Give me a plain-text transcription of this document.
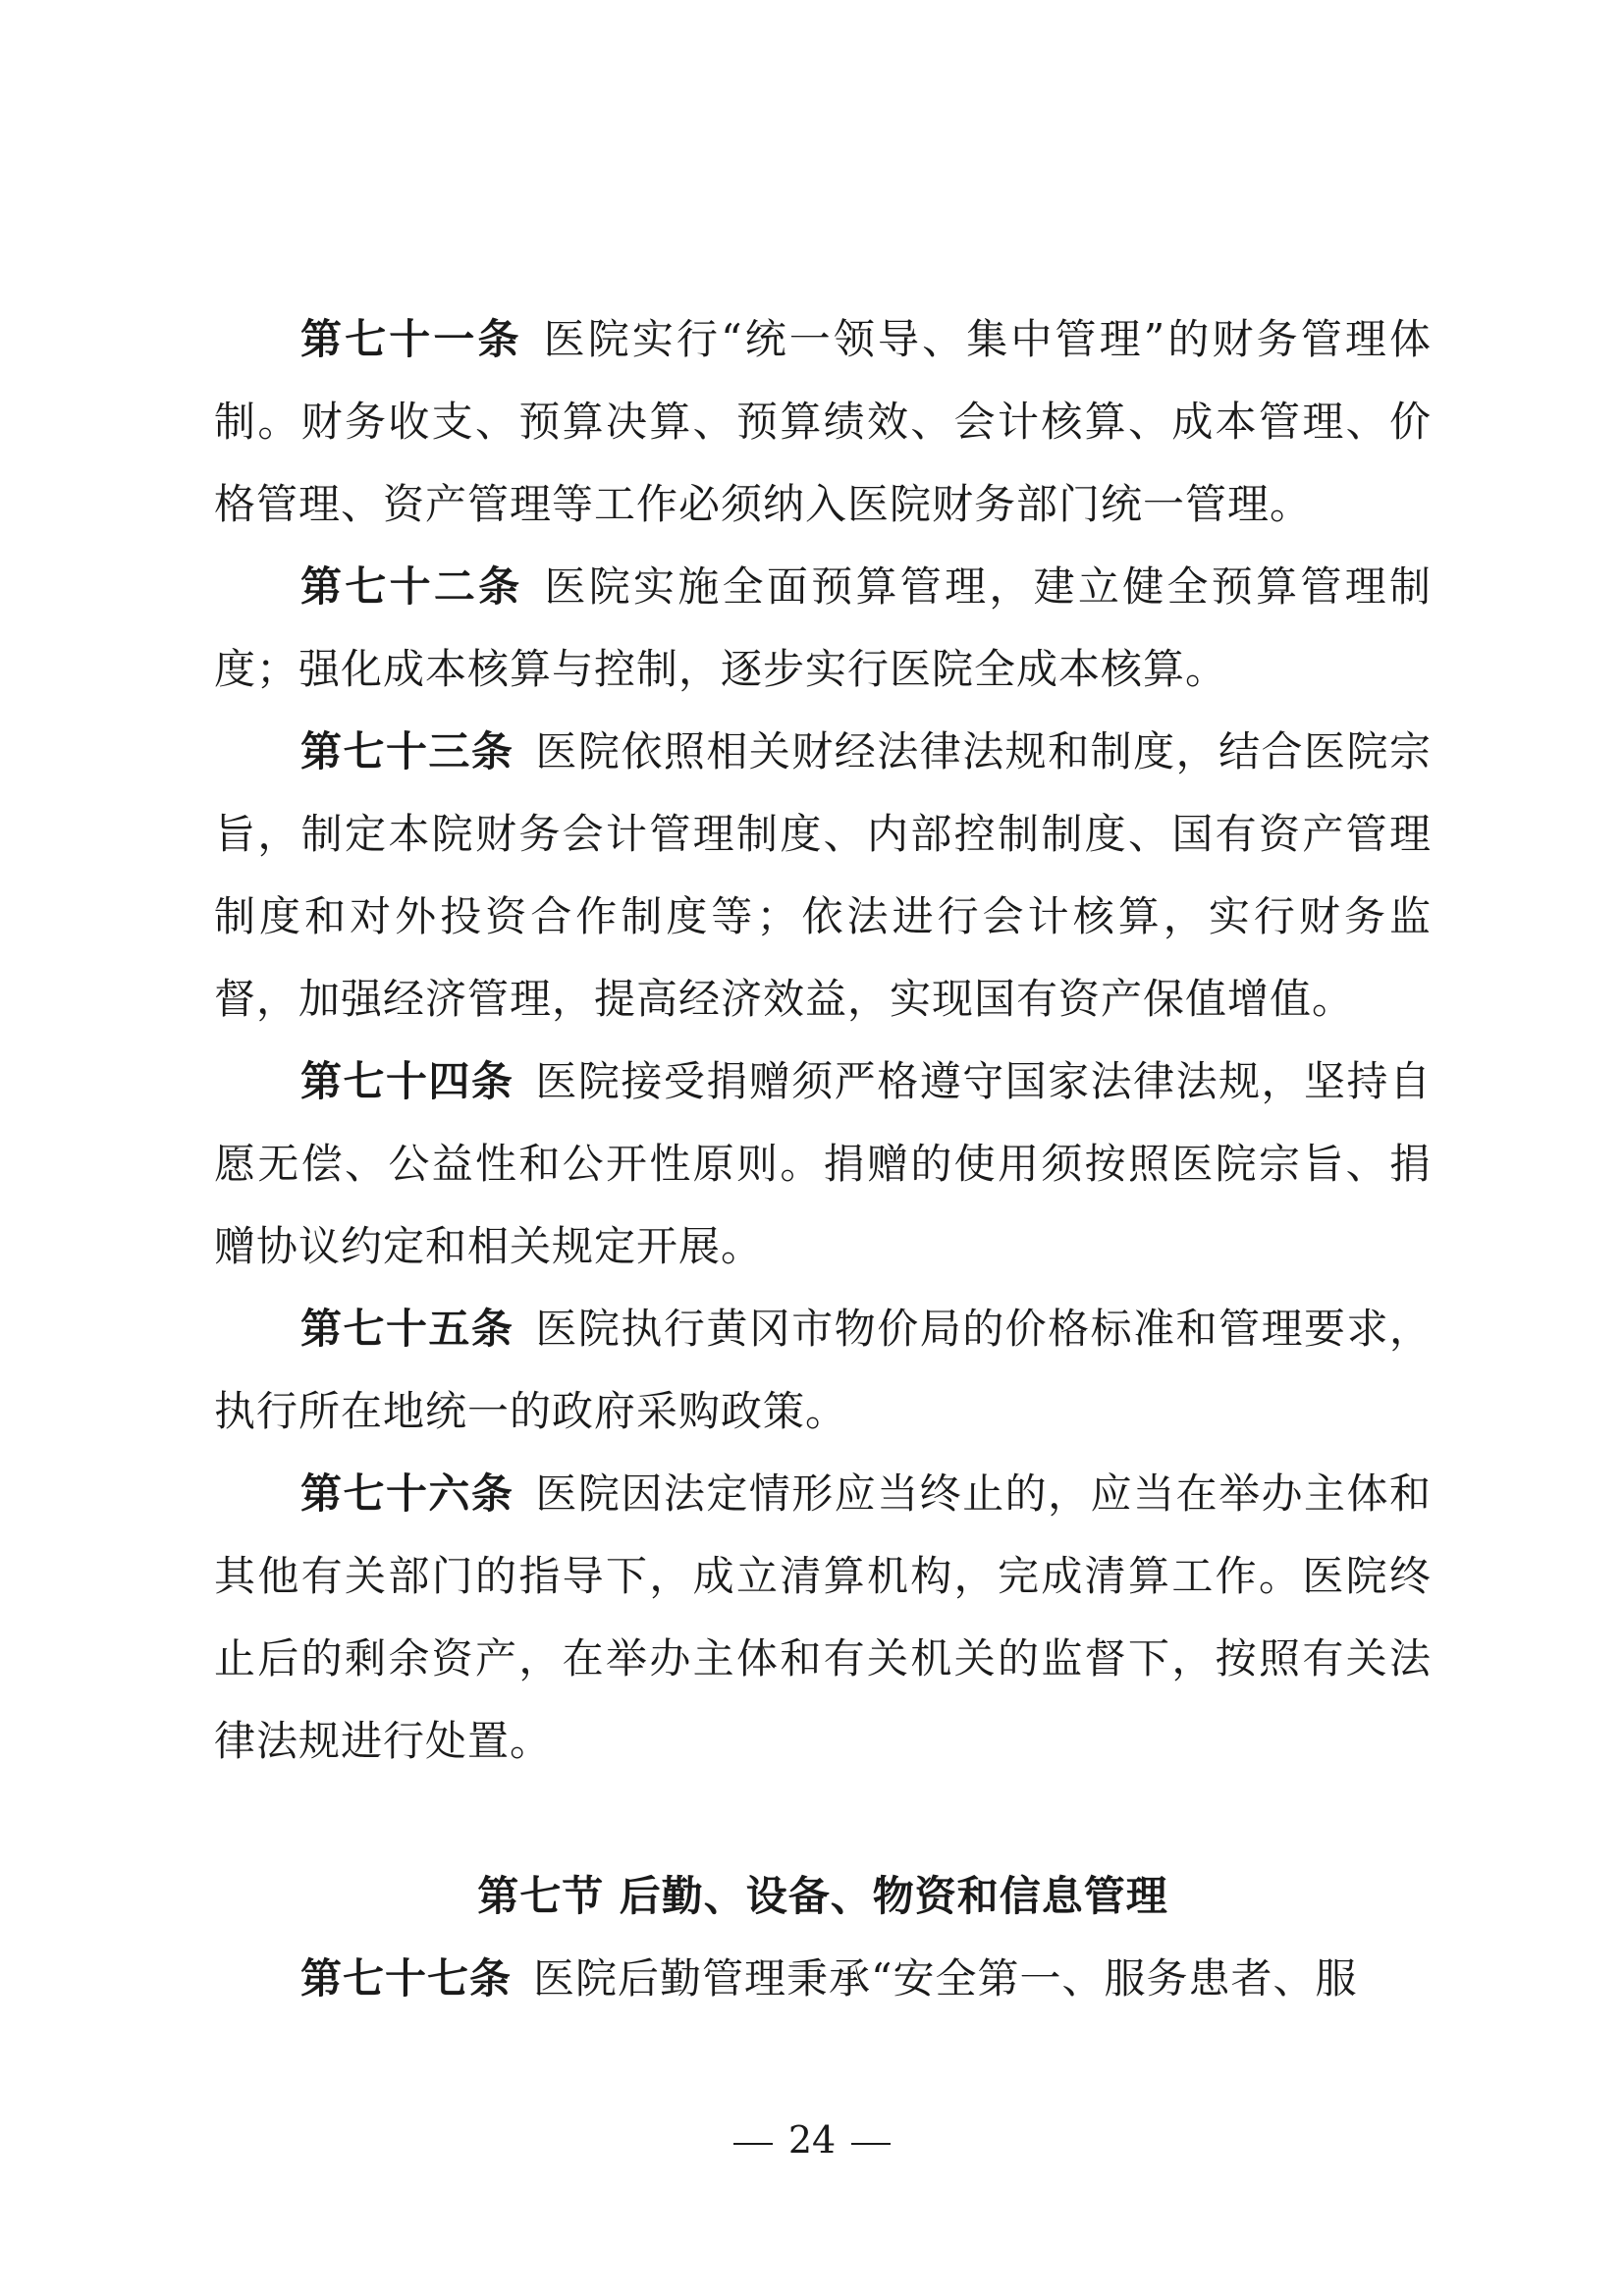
第七十一条 医院实行“统一领导、集中管理”的财务管理体制。财务收支、预算决算、预算绩效、会计核算、成本管理、价格管理、资产管理等工作必须纳入医院财务部门统一管理。

第七十二条 医院实施全面预算管理，建立健全预算管理制度；强化成本核算与控制，逐步实行医院全成本核算。

第七十三条 医院依照相关财经法律法规和制度，结合医院宗旨，制定本院财务会计管理制度、内部控制制度、国有资产管理制度和对外投资合作制度等；依法进行会计核算，实行财务监督，加强经济管理，提高经济效益，实现国有资产保值增值。

第七十四条 医院接受捐赠须严格遵守国家法律法规，坚持自愿无偿、公益性和公开性原则。捐赠的使用须按照医院宗旨、捐赠协议约定和相关规定开展。

第七十五条 医院执行黄冈市物价局的价格标准和管理要求，执行所在地统一的政府采购政策。

第七十六条 医院因法定情形应当终止的，应当在举办主体和其他有关部门的指导下，成立清算机构，完成清算工作。医院终止后的剩余资产，在举办主体和有关机关的监督下，按照有关法律法规进行处置。

第七节 后勤、设备、物资和信息管理

第七十七条 医院后勤管理秉承“安全第一、服务患者、服

24
